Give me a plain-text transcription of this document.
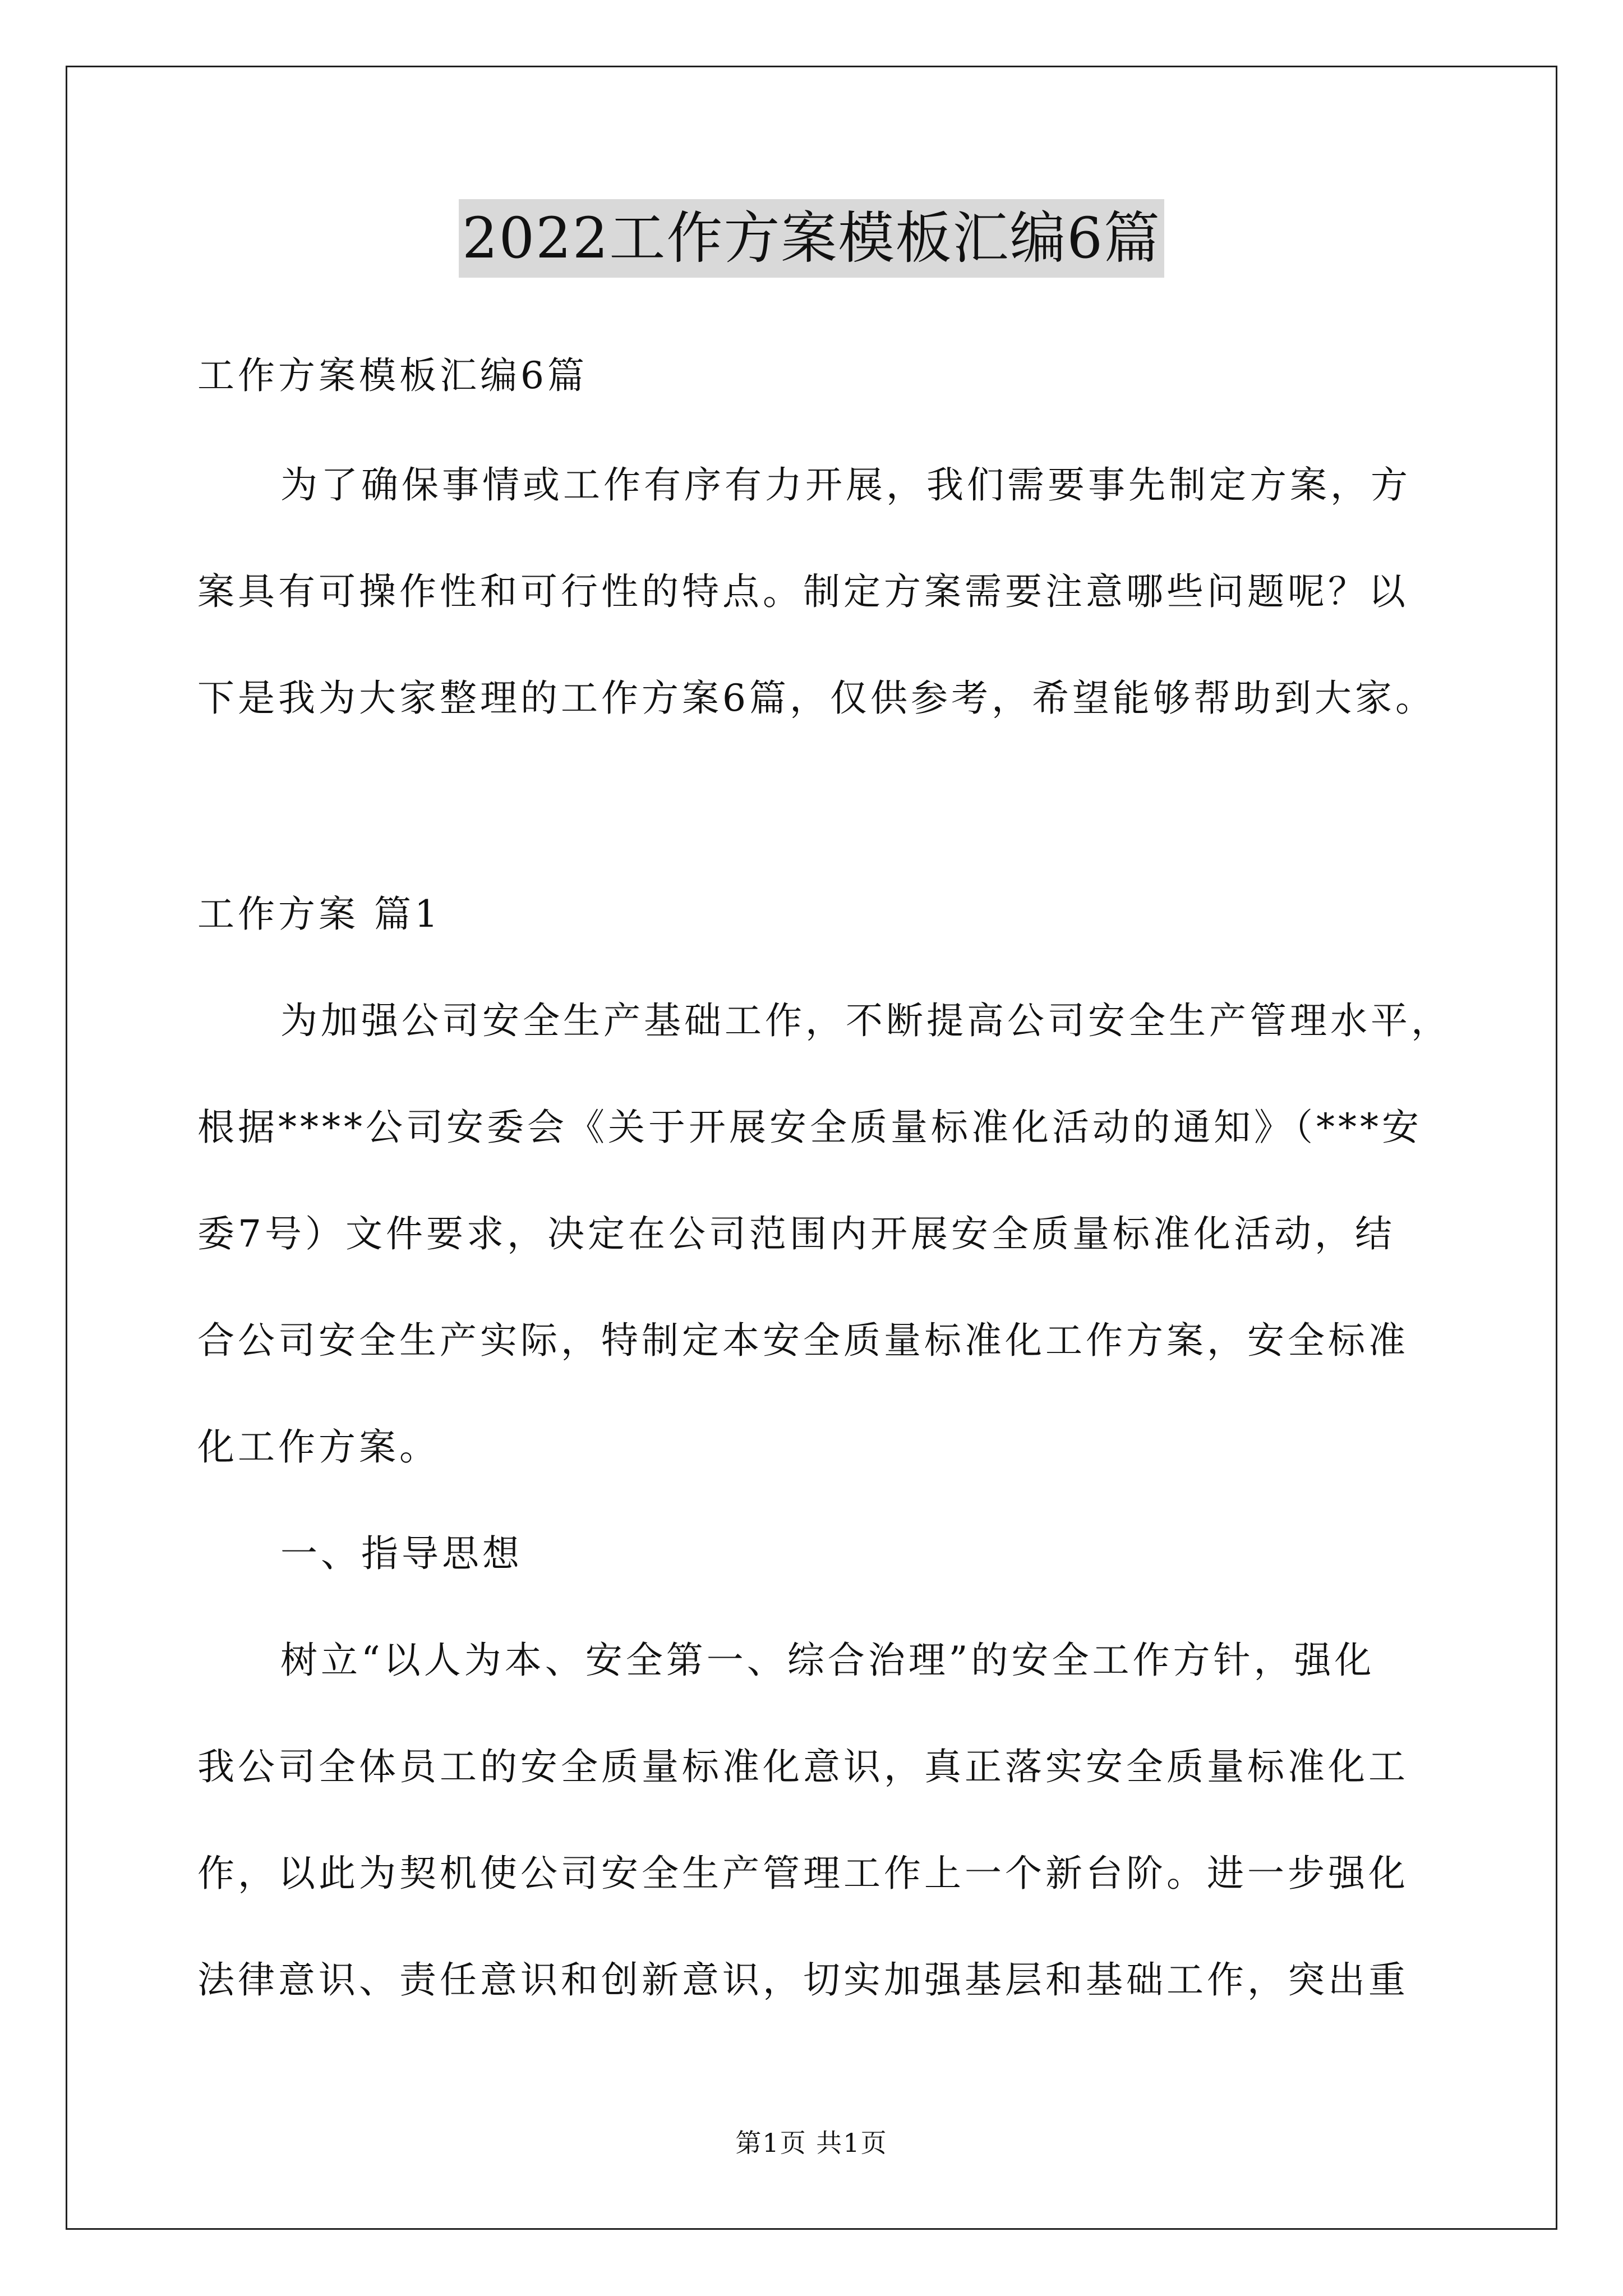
2022工作方案模板汇编6篇
工作方案模板汇编6篇
为了确保事情或工作有序有力开展，我们需要事先制定方案，方
案具有可操作性和可行性的特点。制定方案需要注意哪些问题呢？以
下是我为大家整理的工作方案6篇，仅供参考，希望能够帮助到大家。
工作方案 篇1
为加强公司安全生产基础工作，不断提高公司安全生产管理水平，
根据****公司安委会《关于开展安全质量标准化活动的通知》（***安
委7号）文件要求，决定在公司范围内开展安全质量标准化活动，结
合公司安全生产实际，特制定本安全质量标准化工作方案，安全标准
化工作方案。
一、指导思想
树立“以人为本、安全第一、综合治理”的安全工作方针，强化
我公司全体员工的安全质量标准化意识，真正落实安全质量标准化工
作，以此为契机使公司安全生产管理工作上一个新台阶。进一步强化
法律意识、责任意识和创新意识，切实加强基层和基础工作，突出重
第1页 共1页
